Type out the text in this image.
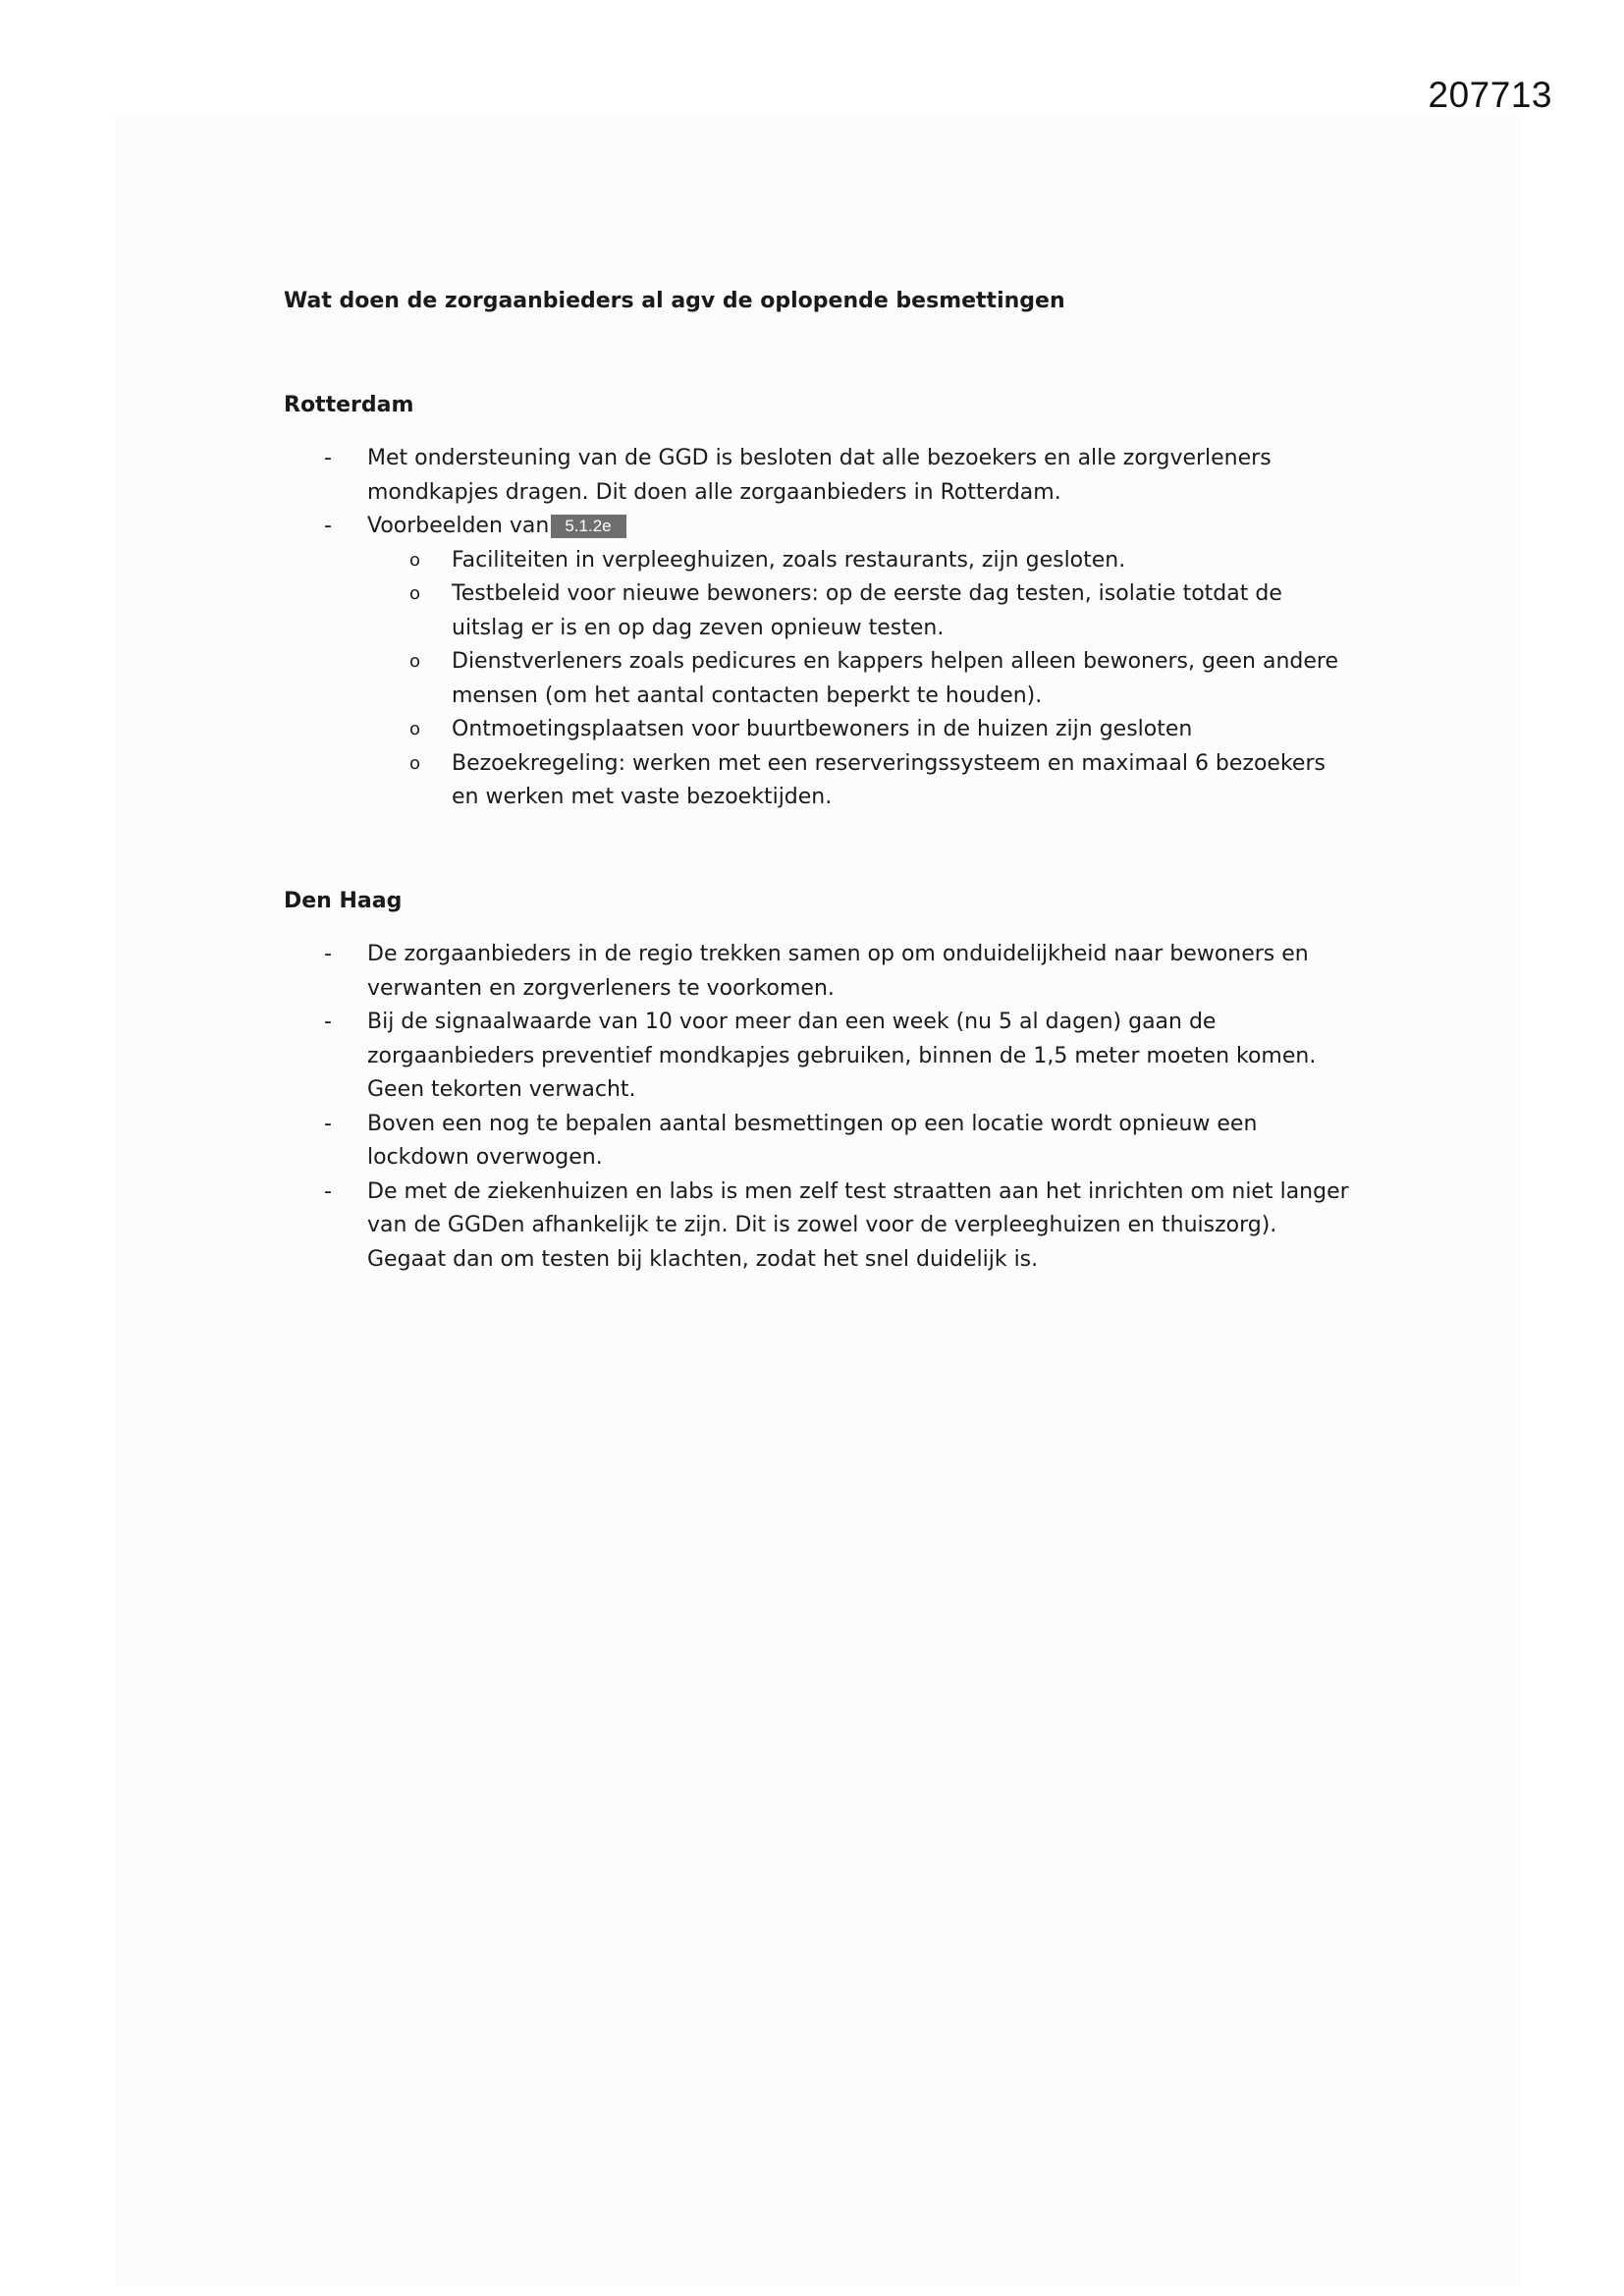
207713

Wat doen de zorgaanbieders al agv de oplopende besmettingen

Rotterdam

- Met ondersteuning van de GGD is besloten dat alle bezoekers en alle zorgverleners mondkapjes dragen. Dit doen alle zorgaanbieders in Rotterdam.
- Voorbeelden van 5.1.2e
o Faciliteiten in verpleeghuizen, zoals restaurants, zijn gesloten.
o Testbeleid voor nieuwe bewoners: op de eerste dag testen, isolatie totdat de uitslag er is en op dag zeven opnieuw testen.
o Dienstverleners zoals pedicures en kappers helpen alleen bewoners, geen andere mensen (om het aantal contacten beperkt te houden).
o Ontmoetingsplaatsen voor buurtbewoners in de huizen zijn gesloten
o Bezoekregeling: werken met een reserveringssysteem en maximaal 6 bezoekers en werken met vaste bezoektijden.

Den Haag

- De zorgaanbieders in de regio trekken samen op om onduidelijkheid naar bewoners en verwanten en zorgverleners te voorkomen.
- Bij de signaalwaarde van 10 voor meer dan een week (nu 5 al dagen) gaan de zorgaanbieders preventief mondkapjes gebruiken, binnen de 1,5 meter moeten komen. Geen tekorten verwacht.
- Boven een nog te bepalen aantal besmettingen op een locatie wordt opnieuw een lockdown overwogen.
- De met de ziekenhuizen en labs is men zelf test straatten aan het inrichten om niet langer van de GGDen afhankelijk te zijn. Dit is zowel voor de verpleeghuizen en thuiszorg). Gegaat dan om testen bij klachten, zodat het snel duidelijk is.
